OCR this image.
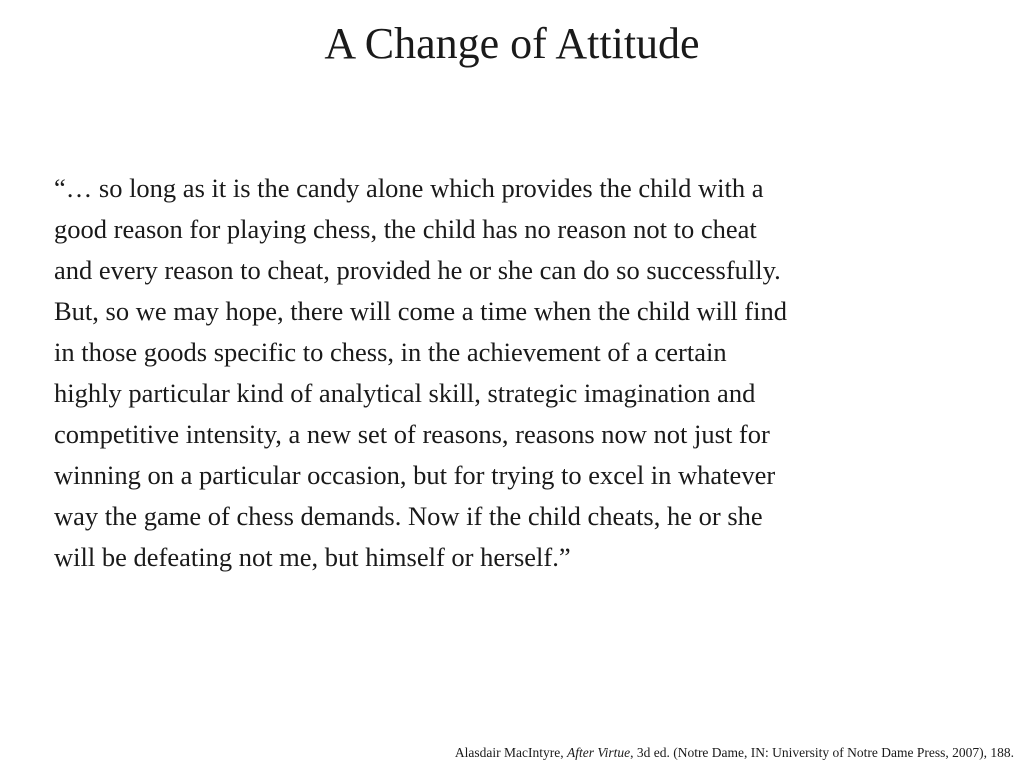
A Change of Attitude

“… so long as it is the candy alone which provides the child with a
good reason for playing chess, the child has no reason not to cheat
and every reason to cheat, provided he or she can do so successfully.
But, so we may hope, there will come a time when the child will find
in those goods specific to chess, in the achievement of a certain
highly particular kind of analytical skill, strategic imagination and
competitive intensity, a new set of reasons, reasons now not just for
winning on a particular occasion, but for trying to excel in whatever
way the game of chess demands. Now if the child cheats, he or she
will be defeating not me, but himself or herself.”

Alasdair MacIntyre, After Virtue, 3d ed. (Notre Dame, IN: University of Notre Dame Press, 2007), 188.
